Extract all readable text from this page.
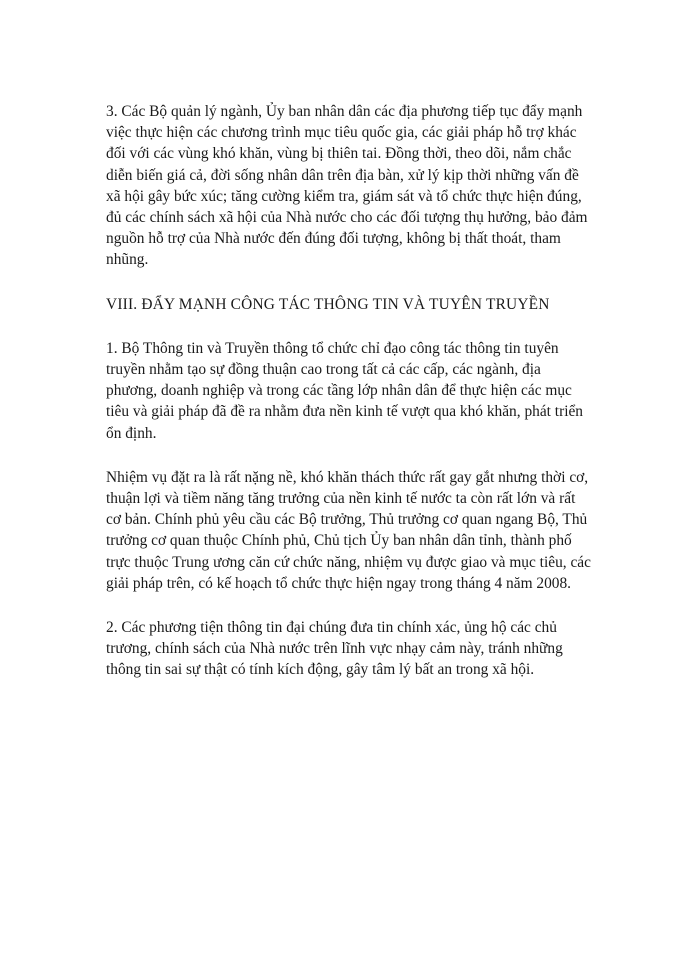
3. Các Bộ quản lý ngành, Ủy ban nhân dân các địa phương tiếp tục đẩy mạnh việc thực hiện các chương trình mục tiêu quốc gia, các giải pháp hỗ trợ khác đối với các vùng khó khăn, vùng bị thiên tai. Đồng thời, theo dõi, nắm chắc diễn biến giá cả, đời sống nhân dân trên địa bàn, xử lý kịp thời những vấn đề xã hội gây bức xúc; tăng cường kiểm tra, giám sát và tổ chức thực hiện đúng, đủ các chính sách xã hội của Nhà nước cho các đối tượng thụ hưởng, bảo đảm nguồn hỗ trợ của Nhà nước đến đúng đối tượng, không bị thất thoát, tham nhũng.

VIII. ĐẨY MẠNH CÔNG TÁC THÔNG TIN VÀ TUYÊN TRUYỀN

1. Bộ Thông tin và Truyền thông tổ chức chỉ đạo công tác thông tin tuyên truyền nhằm tạo sự đồng thuận cao trong tất cả các cấp, các ngành, địa phương, doanh nghiệp và trong các tầng lớp nhân dân để thực hiện các mục tiêu và giải pháp đã đề ra nhằm đưa nền kinh tế vượt qua khó khăn, phát triển ổn định.

Nhiệm vụ đặt ra là rất nặng nề, khó khăn thách thức rất gay gắt nhưng thời cơ, thuận lợi và tiềm năng tăng trưởng của nền kinh tế nước ta còn rất lớn và rất cơ bản. Chính phủ yêu cầu các Bộ trưởng, Thủ trưởng cơ quan ngang Bộ, Thủ trưởng cơ quan thuộc Chính phủ, Chủ tịch Ủy ban nhân dân tỉnh, thành phố trực thuộc Trung ương căn cứ chức năng, nhiệm vụ được giao và mục tiêu, các giải pháp trên, có kế hoạch tổ chức thực hiện ngay trong tháng 4 năm 2008.

2. Các phương tiện thông tin đại chúng đưa tin chính xác, ủng hộ các chủ trương, chính sách của Nhà nước trên lĩnh vực nhạy cảm này, tránh những thông tin sai sự thật có tính kích động, gây tâm lý bất an trong xã hội.
